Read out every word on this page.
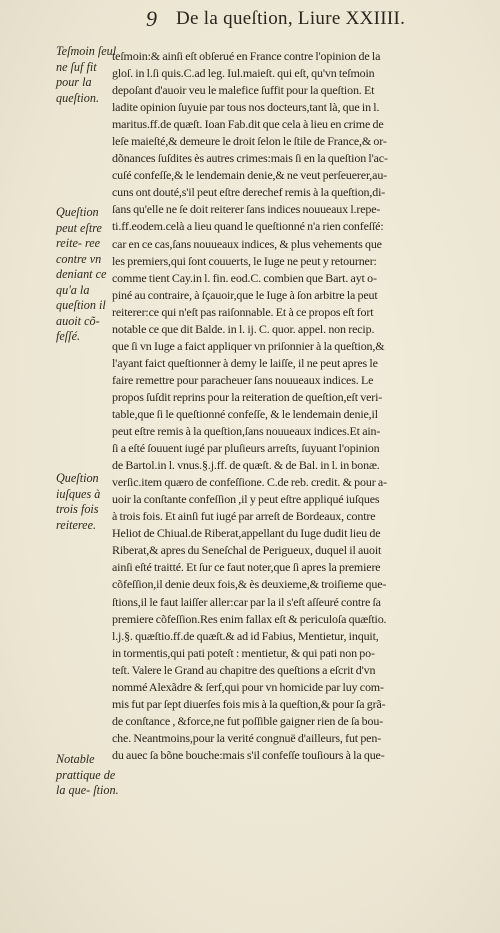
9 De la queſtion, Liure XXIIII.
Teſmoin ſeul ne ſuf fit pour la queſtion.
Queſtion peut eſtre reite- ree contre vn deniant ce qu'a la queſtion il auoit cõ- feſſé.
Queſtion iuſques à trois fois reiteree.
Notable prattique de la que- ſtion.
teſmoin:& ainſi eſt obſerué en France contre l'opinion de la
gloſ. in l.ſi quis.C.ad leg. Iul.maieſt. qui eſt, qu'vn teſmoin
depoſant d'auoir veu le malefice ſuffit pour la queſtion. Et
ladite opinion ſuyuie par tous nos docteurs,tant là, que in l.
maritus.ff.de quæſt. Ioan Fab.dit que cela à lieu en crime de
leſe maieſté,& demeure le droit ſelon le ſtile de France,& or-
dõnances ſuſdites ès autres crimes:mais ſi en la queſtion l'ac-
cuſé confeſſe,& le lendemain denie,& ne veut perſeuerer,au-
cuns ont douté,s'il peut eſtre derechef remis à la queſtion,di-
ſans qu'elle ne ſe doit reiterer ſans indices nouueaux l.repe-
ti.ff.eodem.celà a lieu quand le queſtionné n'a rien confeſſé:
car en ce cas,ſans nouueaux indices, & plus vehements que
les premiers,qui ſont couuerts, le Iuge ne peut y retourner:
comme tient Cay.in l. fin. eod.C. combien que Bart. ayt o-
piné au contraire, à ſçauoir,que le Iuge à ſon arbitre la peut
reiterer:ce qui n'eſt pas raiſonnable. Et à ce propos eſt fort
notable ce que dit Balde. in l. ij. C. quor. appel. non recip.
que ſi vn Iuge a faict appliquer vn priſonnier à la queſtion,&
l'ayant faict queſtionner à demy le laiſſe, il ne peut apres le
faire remettre pour paracheuer ſans nouueaux indices. Le
propos ſuſdit reprins pour la reiteration de queſtion,eſt veri-
table,que ſi le queſtionné confeſſe, & le lendemain denie,il
peut eſtre remis à la queſtion,ſans nouueaux indices.Et ain-
ſi a eſté ſouuent iugé par pluſieurs arreſts, ſuyuant l'opinion
de Bartol.in l. vnus.§.j.ff. de quæſt. & de Bal. in l. in bonæ.
verſic.item quæro de confeſſione. C.de reb. credit. & pour a-
uoir la conſtante confeſſion ,il y peut eſtre appliqué iuſques
à trois fois. Et ainſi fut iugé par arreſt de Bordeaux, contre
Heliot de Chiual.de Riberat,appellant du Iuge dudit lieu de
Riberat,& apres du Seneſchal de Perigueux, duquel il auoit
ainſi eſté traitté. Et ſur ce faut noter,que ſi apres la premiere
cõfeſſion,il denie deux fois,& ès deuxieme,& troiſieme que-
ſtions,il le faut laiſſer aller:car par la il s'eſt aſſeuré contre ſa
premiere cõfeſſion.Res enim fallax eſt & periculoſa quæſtio.
l.j.§. quæſtio.ff.de quæſt.& ad id Fabius, Mentietur, inquit,
in tormentis,qui pati poteſt : mentietur, & qui pati non po-
teſt. Valere le Grand au chapitre des queſtions a eſcrit d'vn
nommé Alexãdre & ſerf,qui pour vn homicide par luy com-
mis fut par ſept diuerſes fois mis à la queſtion,& pour ſa grã-
de conſtance , &force,ne fut poſſible gaigner rien de ſa bou-
che. Neantmoins,pour la verité congnuë d'ailleurs, fut pen-
du auec ſa bõne bouche:mais s'il confeſſe touſiours à la que-
